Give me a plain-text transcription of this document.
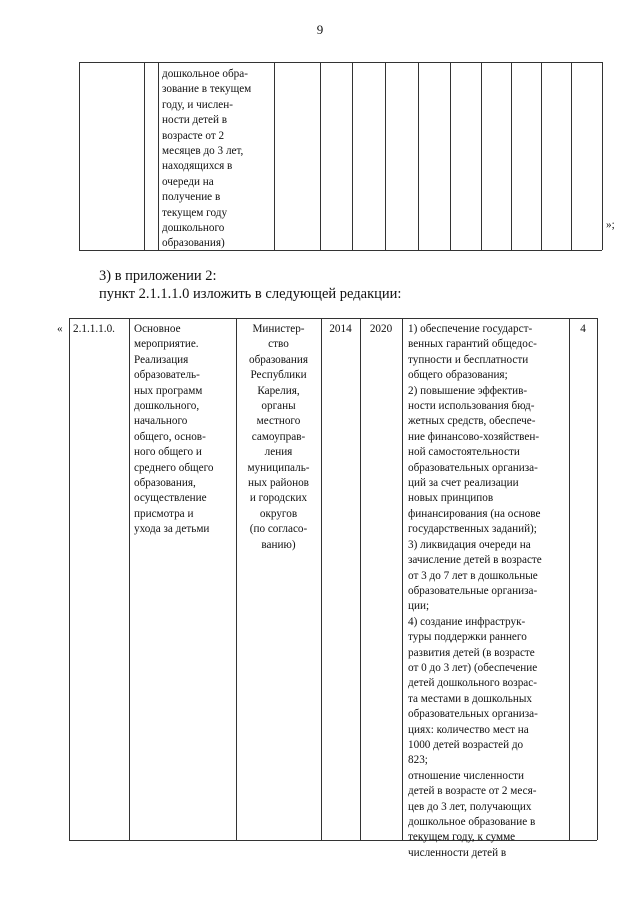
9
дошкольное обра-
зование в текущем
году, и числен-
ности детей в
возрасте от 2
месяцев до 3 лет,
находящихся в
очереди на
получение в
текущем году
дошкольного
образования)
»;
3) в приложении 2:
пункт 2.1.1.1.0 изложить в следующей редакции:
« 2.1.1.1.0. Основное
мероприятие.
Реализация
образователь-
ных программ
дошкольного,
начального
общего, основ-
ного общего и
среднего общего
образования,
осуществление
присмотра и
ухода за детьми
Министер-
ство
образования
Республики
Карелия,
органы
местного
самоуправ-
ления
муниципаль-
ных районов
и городских
округов
(по согласо-
ванию)
2014	2020	1) обеспечение государст-
венных гарантий общедос-
тупности и бесплатности
общего образования;
2) повышение эффектив-
ности использования бюд-
жетных средств, обеспече-
ние финансово-хозяйствен-
ной самостоятельности
образовательных организа-
ций за счет реализации
новых принципов
финансирования (на основе
государственных заданий);
3) ликвидация очереди на
зачисление детей в возрасте
от 3 до 7 лет в дошкольные
образовательные организа-
ции;
4) создание инфраструк-
туры поддержки раннего
развития детей (в возрасте
от 0 до 3 лет) (обеспечение
детей дошкольного возрас-
та местами в дошкольных
образовательных организа-
циях: количество мест на
1000 детей возрастей до
823;
отношение численности
детей в возрасте от 2 меся-
цев до 3 лет, получающих
дошкольное образование в
текущем году, к сумме
численности детей в
4
